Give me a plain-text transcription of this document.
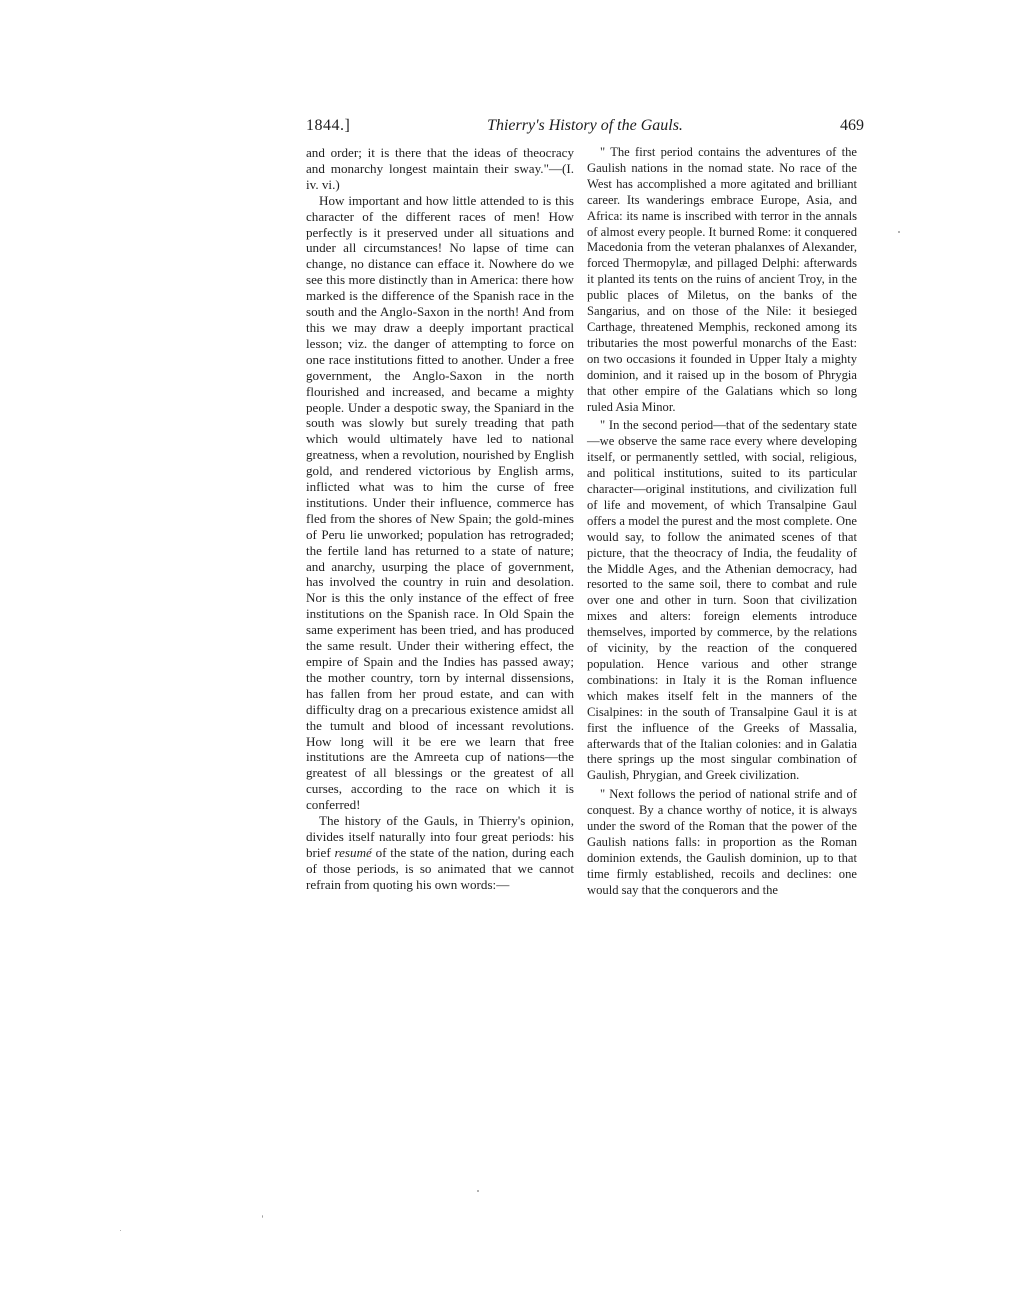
1844.]	Thierry's History of the Gauls.	469

and order; it is there that the ideas of theocracy and monarchy longest maintain their sway."—(I. iv. vi.)

How important and how little attended to is this character of the different races of men! How perfectly is it preserved under all situations and under all circumstances! No lapse of time can change, no distance can efface it. Nowhere do we see this more distinctly than in America: there how marked is the difference of the Spanish race in the south and the Anglo-Saxon in the north! And from this we may draw a deeply important practical lesson; viz. the danger of attempting to force on one race institutions fitted to another. Under a free government, the Anglo-Saxon in the north flourished and increased, and became a mighty people. Under a despotic sway, the Spaniard in the south was slowly but surely treading that path which would ultimately have led to national greatness, when a revolution, nourished by English gold, and rendered victorious by English arms, inflicted what was to him the curse of free institutions. Under their influence, commerce has fled from the shores of New Spain; the gold-mines of Peru lie unworked; population has retrograded; the fertile land has returned to a state of nature; and anarchy, usurping the place of government, has involved the country in ruin and desolation. Nor is this the only instance of the effect of free institutions on the Spanish race. In Old Spain the same experiment has been tried, and has produced the same result. Under their withering effect, the empire of Spain and the Indies has passed away; the mother country, torn by internal dissensions, has fallen from her proud estate, and can with difficulty drag on a precarious existence amidst all the tumult and blood of incessant revolutions. How long will it be ere we learn that free institutions are the Amreeta cup of nations—the greatest of all blessings or the greatest of all curses, according to the race on which it is conferred!

The history of the Gauls, in Thierry's opinion, divides itself naturally into four great periods: his brief resumé of the state of the nation, during each of those periods, is so animated that we cannot refrain from quoting his own words:—

" The first period contains the adventures of the Gaulish nations in the nomad state. No race of the West has accomplished a more agitated and brilliant career. Its wanderings embrace Europe, Asia, and Africa: its name is inscribed with terror in the annals of almost every people. It burned Rome: it conquered Macedonia from the veteran phalanxes of Alexander, forced Thermopylæ, and pillaged Delphi: afterwards it planted its tents on the ruins of ancient Troy, in the public places of Miletus, on the banks of the Sangarius, and on those of the Nile: it besieged Carthage, threatened Memphis, reckoned among its tributaries the most powerful monarchs of the East: on two occasions it founded in Upper Italy a mighty dominion, and it raised up in the bosom of Phrygia that other empire of the Galatians which so long ruled Asia Minor.

" In the second period—that of the sedentary state—we observe the same race every where developing itself, or permanently settled, with social, religious, and political institutions, suited to its particular character—original institutions, and civilization full of life and movement, of which Transalpine Gaul offers a model the purest and the most complete. One would say, to follow the animated scenes of that picture, that the theocracy of India, the feudality of the Middle Ages, and the Athenian democracy, had resorted to the same soil, there to combat and rule over one and other in turn. Soon that civilization mixes and alters: foreign elements introduce themselves, imported by commerce, by the relations of vicinity, by the reaction of the conquered population. Hence various and other strange combinations: in Italy it is the Roman influence which makes itself felt in the manners of the Cisalpines: in the south of Transalpine Gaul it is at first the influence of the Greeks of Massalia, afterwards that of the Italian colonies: and in Galatia there springs up the most singular combination of Gaulish, Phrygian, and Greek civilization.

" Next follows the period of national strife and of conquest. By a chance worthy of notice, it is always under the sword of the Roman that the power of the Gaulish nations falls: in proportion as the Roman dominion extends, the Gaulish dominion, up to that time firmly established, recoils and declines: one would say that the conquerors and the
